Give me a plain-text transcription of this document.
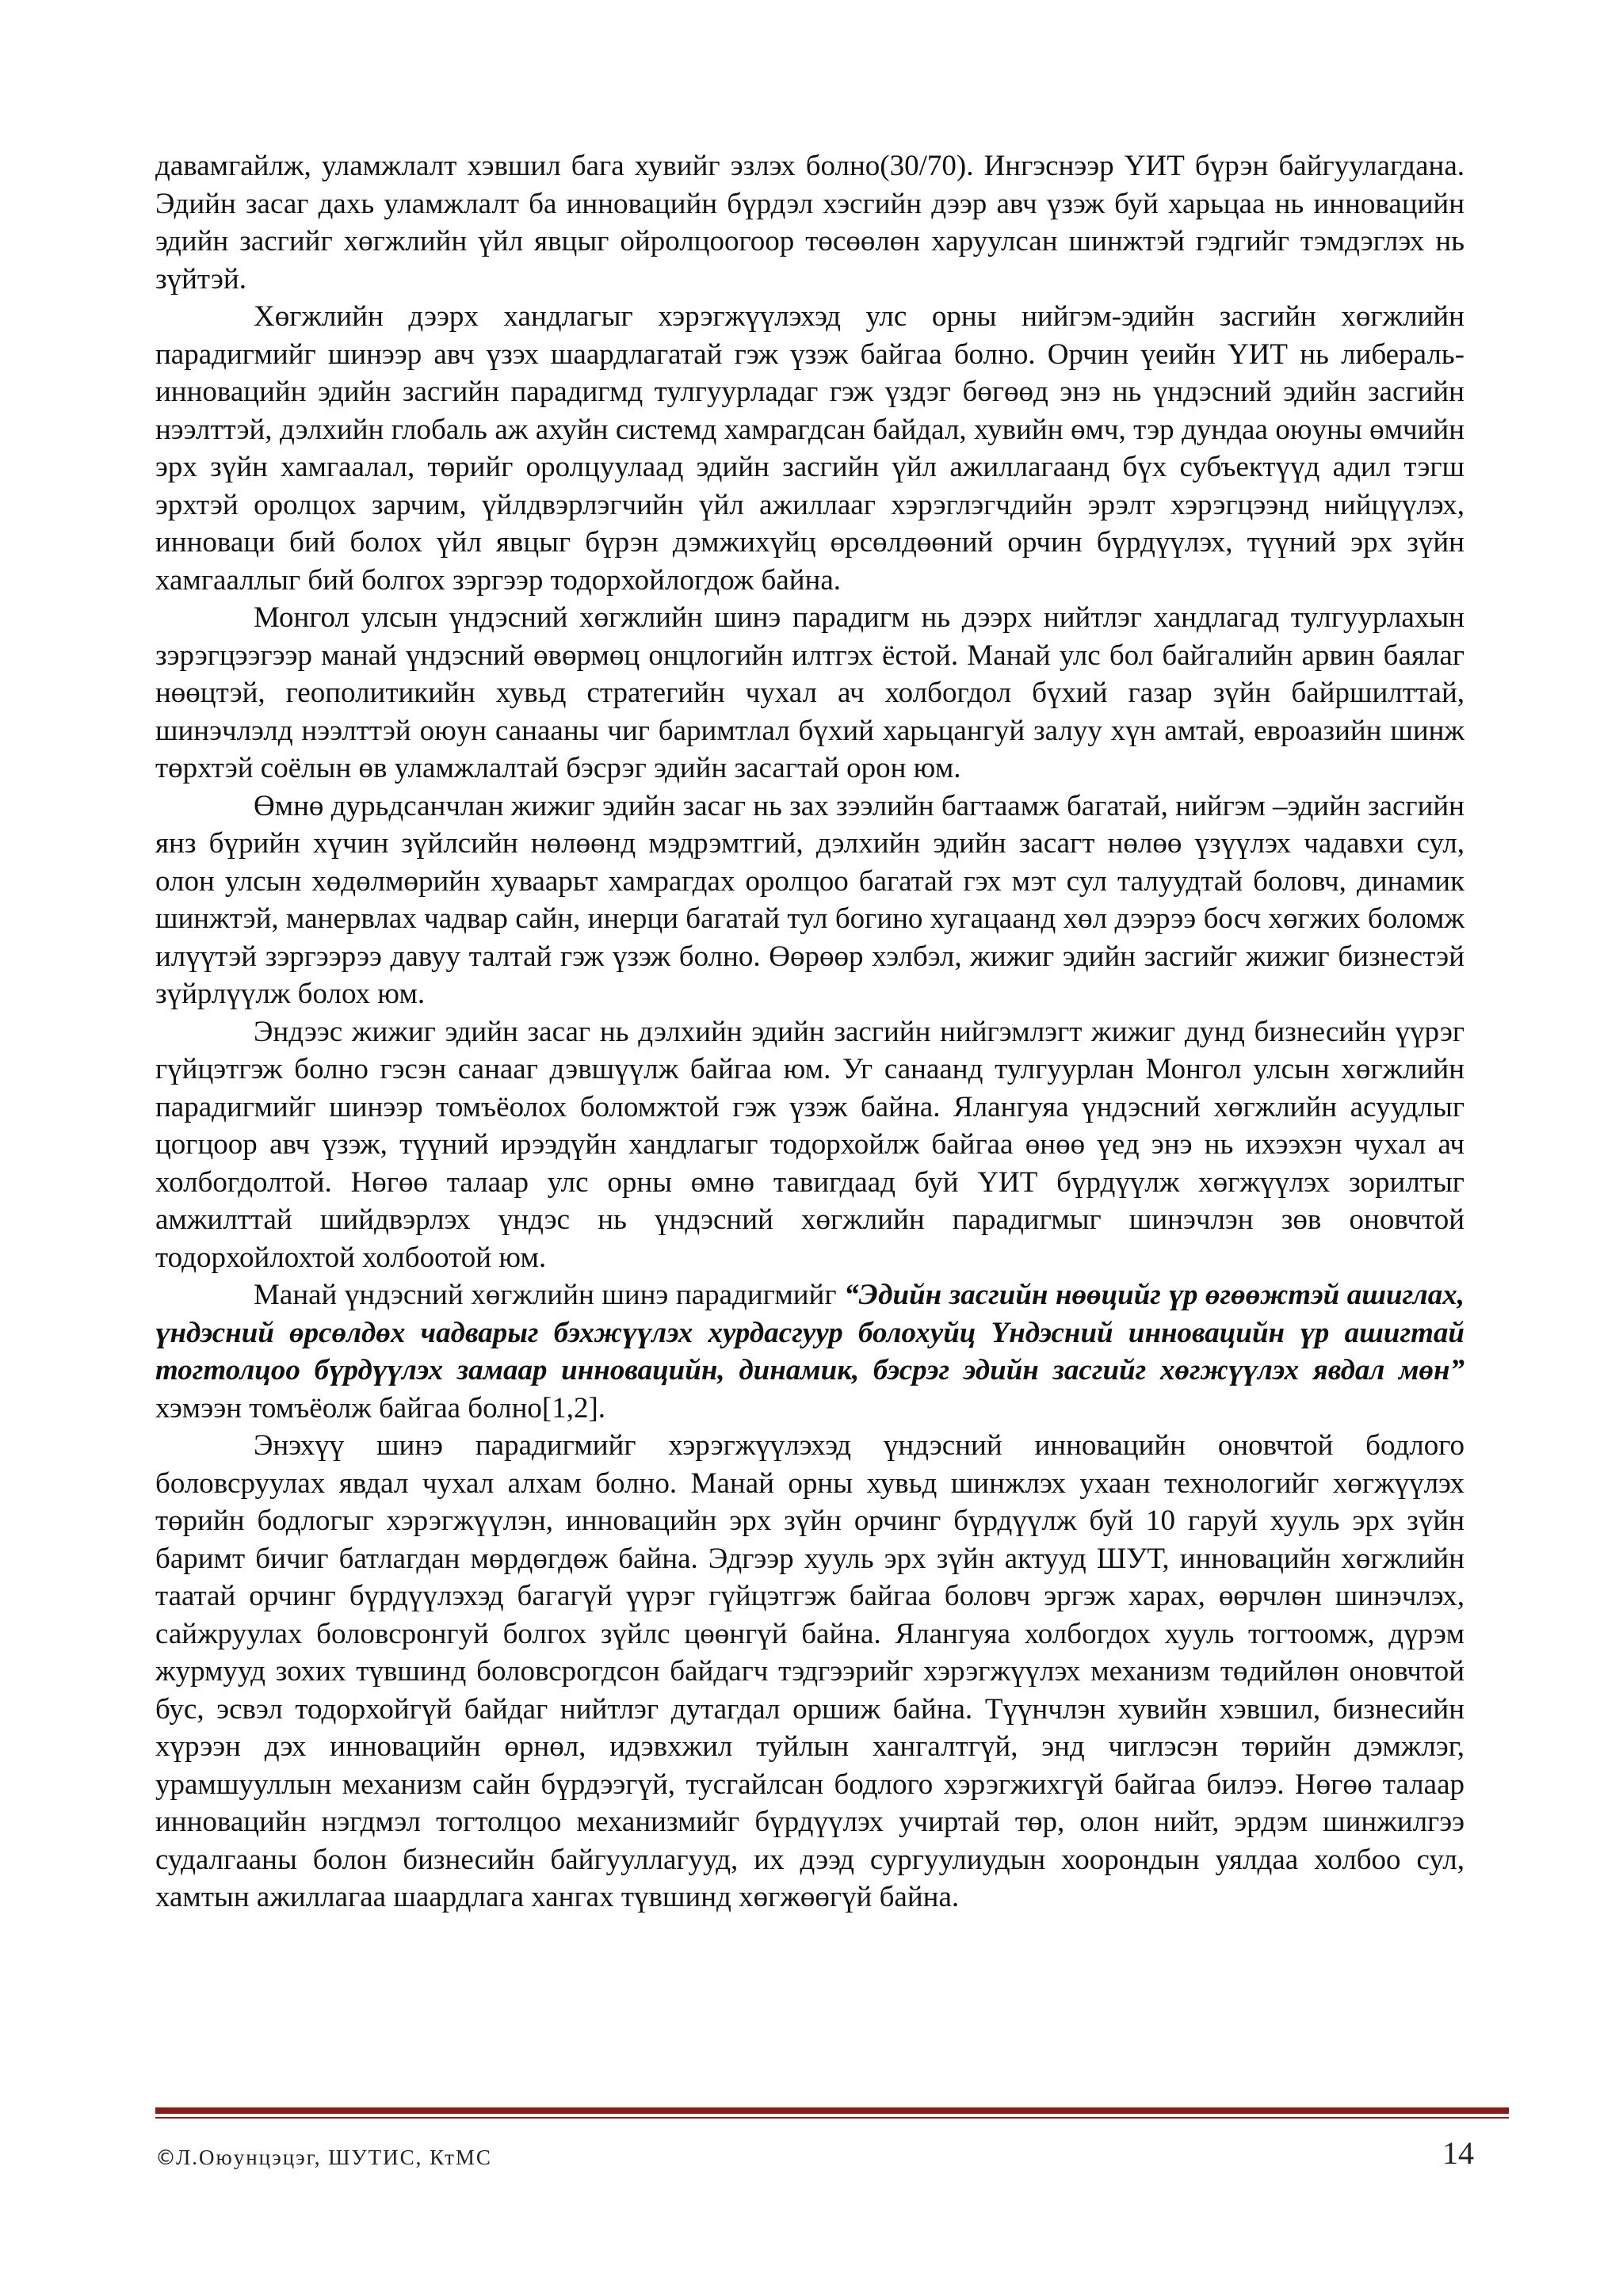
давамгайлж, уламжлалт хэвшил бага хувийг эзлэх болно(30/70). Ингэснээр ҮИТ бүрэн байгуулагдана. Эдийн засаг дахь уламжлалт ба инновацийн бүрдэл хэсгийн дээр авч үзэж буй харьцаа нь инновацийн эдийн засгийг хөгжлийн үйл явцыг ойролцоогоор төсөөлөн харуулсан шинжтэй гэдгийг тэмдэглэх нь зүйтэй.

Хөгжлийн дээрх хандлагыг хэрэгжүүлэхэд улс орны нийгэм-эдийн засгийн хөгжлийн парадигмийг шинээр авч үзэх шаардлагатай гэж үзэж байгаа болно. Орчин үеийн ҮИТ нь либераль-инновацийн эдийн засгийн парадигмд тулгуурладаг гэж үздэг бөгөөд энэ нь үндэсний эдийн засгийн нээлттэй, дэлхийн глобаль аж ахуйн системд хамрагдсан байдал, хувийн өмч, тэр дундаа оюуны өмчийн эрх зүйн хамгаалал, төрийг оролцуулаад эдийн засгийн үйл ажиллагаанд бүх субъектүүд адил тэгш эрхтэй оролцох зарчим, үйлдвэрлэгчийн үйл ажиллааг хэрэглэгчдийн эрэлт хэрэгцээнд нийцүүлэх, инноваци бий болох үйл явцыг бүрэн дэмжихүйц өрсөлдөөний орчин бүрдүүлэх, түүний эрх зүйн хамгааллыг бий болгох зэргээр тодорхойлогдож байна.

Монгол улсын үндэсний хөгжлийн шинэ парадигм нь дээрх нийтлэг хандлагад тулгуурлахын зэрэгцээгээр манай үндэсний өвөрмөц онцлогийн илтгэх ёстой. Манай улс бол байгалийн арвин баялаг нөөцтэй, геополитикийн хувьд стратегийн чухал ач холбогдол бүхий газар зүйн байршилттай, шинэчлэлд нээлттэй оюун санааны чиг баримтлал бүхий харьцангуй залуу хүн амтай, евроазийн шинж төрхтэй соёлын өв уламжлалтай бэсрэг эдийн засагтай орон юм.

Өмнө дурьдсанчлан жижиг эдийн засаг нь зах зээлийн багтаамж багатай, нийгэм –эдийн засгийн янз бүрийн хүчин зүйлсийн нөлөөнд мэдрэмтгий, дэлхийн эдийн засагт нөлөө үзүүлэх чадавхи сул, олон улсын хөдөлмөрийн хуваарьт хамрагдах оролцоо багатай гэх мэт сул талуудтай боловч, динамик шинжтэй, манервлах чадвар сайн, инерци багатай тул богино хугацаанд хөл дээрээ босч хөгжих боломж илүүтэй зэргээрээ давуу талтай гэж үзэж болно. Өөрөөр хэлбэл, жижиг эдийн засгийг жижиг бизнестэй зүйрлүүлж болох юм.

Эндээс жижиг эдийн засаг нь дэлхийн эдийн засгийн нийгэмлэгт жижиг дунд бизнесийн үүрэг гүйцэтгэж болно гэсэн санааг дэвшүүлж байгаа юм. Уг санаанд тулгуурлан Монгол улсын хөгжлийн парадигмийг шинээр томъёолох боломжтой гэж үзэж байна. Ялангуяа үндэсний хөгжлийн асуудлыг цогцоор авч үзэж, түүний ирээдүйн хандлагыг тодорхойлж байгаа өнөө үед энэ нь ихээхэн чухал ач холбогдолтой. Нөгөө талаар улс орны өмнө тавигдаад буй ҮИТ бүрдүүлж хөгжүүлэх зорилтыг амжилттай шийдвэрлэх үндэс нь үндэсний хөгжлийн парадигмыг шинэчлэн зөв оновчтой тодорхойлохтой холбоотой юм.

Манай үндэсний хөгжлийн шинэ парадигмийг “Эдийн засгийн нөөцийг үр өгөөжтэй ашиглах, үндэсний өрсөлдөх чадварыг бэхжүүлэх хурдасгуур болохуйц Үндэсний инновацийн үр ашигтай тогтолцоо бүрдүүлэх замаар инновацийн, динамик, бэсрэг эдийн засгийг хөгжүүлэх явдал мөн” хэмээн томъёолж байгаа болно[1,2].

Энэхүү шинэ парадигмийг хэрэгжүүлэхэд үндэсний инновацийн оновчтой бодлого боловсруулах явдал чухал алхам болно. Манай орны хувьд шинжлэх ухаан технологийг хөгжүүлэх төрийн бодлогыг хэрэгжүүлэн, инновацийн эрх зүйн орчинг бүрдүүлж буй 10 гаруй хууль эрх зүйн баримт бичиг батлагдан мөрдөгдөж байна. Эдгээр хууль эрх зүйн актууд ШУТ, инновацийн хөгжлийн таатай орчинг бүрдүүлэхэд багагүй үүрэг гүйцэтгэж байгаа боловч эргэж харах, өөрчлөн шинэчлэх, сайжруулах боловсронгуй болгох зүйлс цөөнгүй байна. Ялангуяа холбогдох хууль тогтоомж, дүрэм журмууд зохих түвшинд боловсрогдсон байдагч тэдгээрийг хэрэгжүүлэх механизм төдийлөн оновчтой бус, эсвэл тодорхойгүй байдаг нийтлэг дутагдал оршиж байна. Түүнчлэн хувийн хэвшил, бизнесийн хүрээн дэх инновацийн өрнөл, идэвхжил туйлын хангалтгүй, энд чиглэсэн төрийн дэмжлэг, урамшууллын механизм сайн бүрдээгүй, тусгайлсан бодлого хэрэгжихгүй байгаа билээ. Нөгөө талаар инновацийн нэгдмэл тогтолцоо механизмийг бүрдүүлэх учиртай төр, олон нийт, эрдэм шинжилгээ судалгааны болон бизнесийн байгууллагууд, их дээд сургуулиудын хоорондын уялдаа холбоо сул, хамтын ажиллагаа шаардлага хангах түвшинд хөгжөөгүй байна.

©Л.Оюунцэцэг, ШУТИС, КтМС	14
